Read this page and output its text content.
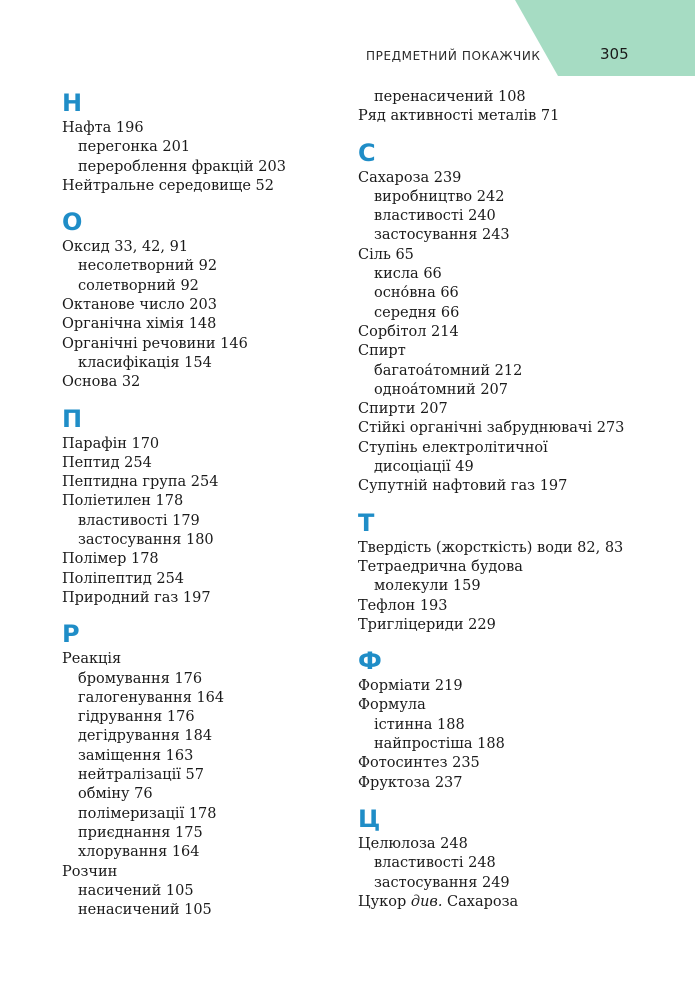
ПРЕДМЕТНИЙ ПОКАЖЧИК	305
Н
Нафта 196
перегонка 201
перероблення фракцій 203
Нейтральне середовище 52
О
Оксид 33, 42, 91
несолетворний 92
солетворний 92
Октанове число 203
Органічна хімія 148
Органічні речовини 146
класифікація 154
Основа 32
П
Парафін 170
Пептид 254
Пептидна група 254
Поліетилен 178
властивості 179
застосування 180
Полімер 178
Поліпептид 254
Природний газ 197
Р
Реакція
бромування 176
галогенування 164
гідрування 176
дегідрування 184
заміщення 163
нейтралізації 57
обміну 76
полімеризації 178
приєднання 175
хлорування 164
Розчин
насичений 105
ненасичений 105
перенасичений 108
Ряд активності металів 71
С
Сахароза 239
виробництво 242
властивості 240
застосування 243
Сіль 65
кисла 66
осно́вна 66
середня 66
Сорбітол 214
Спирт
багатоа́томний 212
одноа́томний 207
Спирти 207
Стійкі органічні забруднювачі 273
Ступінь електролітичної
дисоціації 49
Супутній нафтовий газ 197
Т
Твердість (жорсткість) води 82, 83
Тетраедрична будова
молекули 159
Тефлон 193
Тригліцериди 229
Ф
Форміати 219
Формула
істинна 188
найпростіша 188
Фотосинтез 235
Фруктоза 237
Ц
Целюлоза 248
властивості 248
застосування 249
Цукор див. Сахароза
